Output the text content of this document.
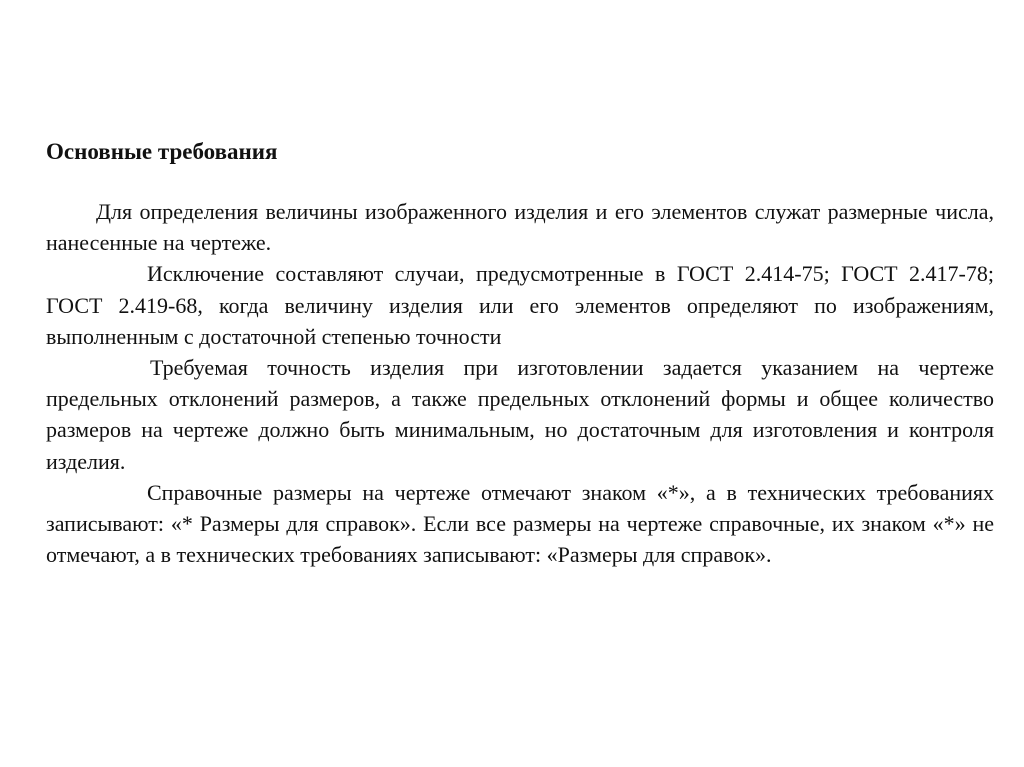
Основные требования

Для определения величины изображенного изделия и его элементов служат размерные числа, нанесенные на чертеже.

Исключение составляют случаи, предусмотренные в ГОСТ 2.414-75; ГОСТ 2.417-78; ГОСТ 2.419-68, когда величину изделия или его элементов определяют по изображениям, выполненным с достаточной степенью точности

Требуемая точность изделия при изготовлении задается указанием на чертеже предельных отклонений размеров, а также предельных отклонений формы и общее количество размеров на чертеже должно быть минимальным, но достаточным для изготовления и контроля изделия.

Справочные размеры на чертеже отмечают знаком «*», а в технических требованиях записывают: «* Размеры для справок». Если все размеры на чертеже справочные, их знаком «*» не отмечают, а в технических требованиях записывают: «Размеры для справок».
